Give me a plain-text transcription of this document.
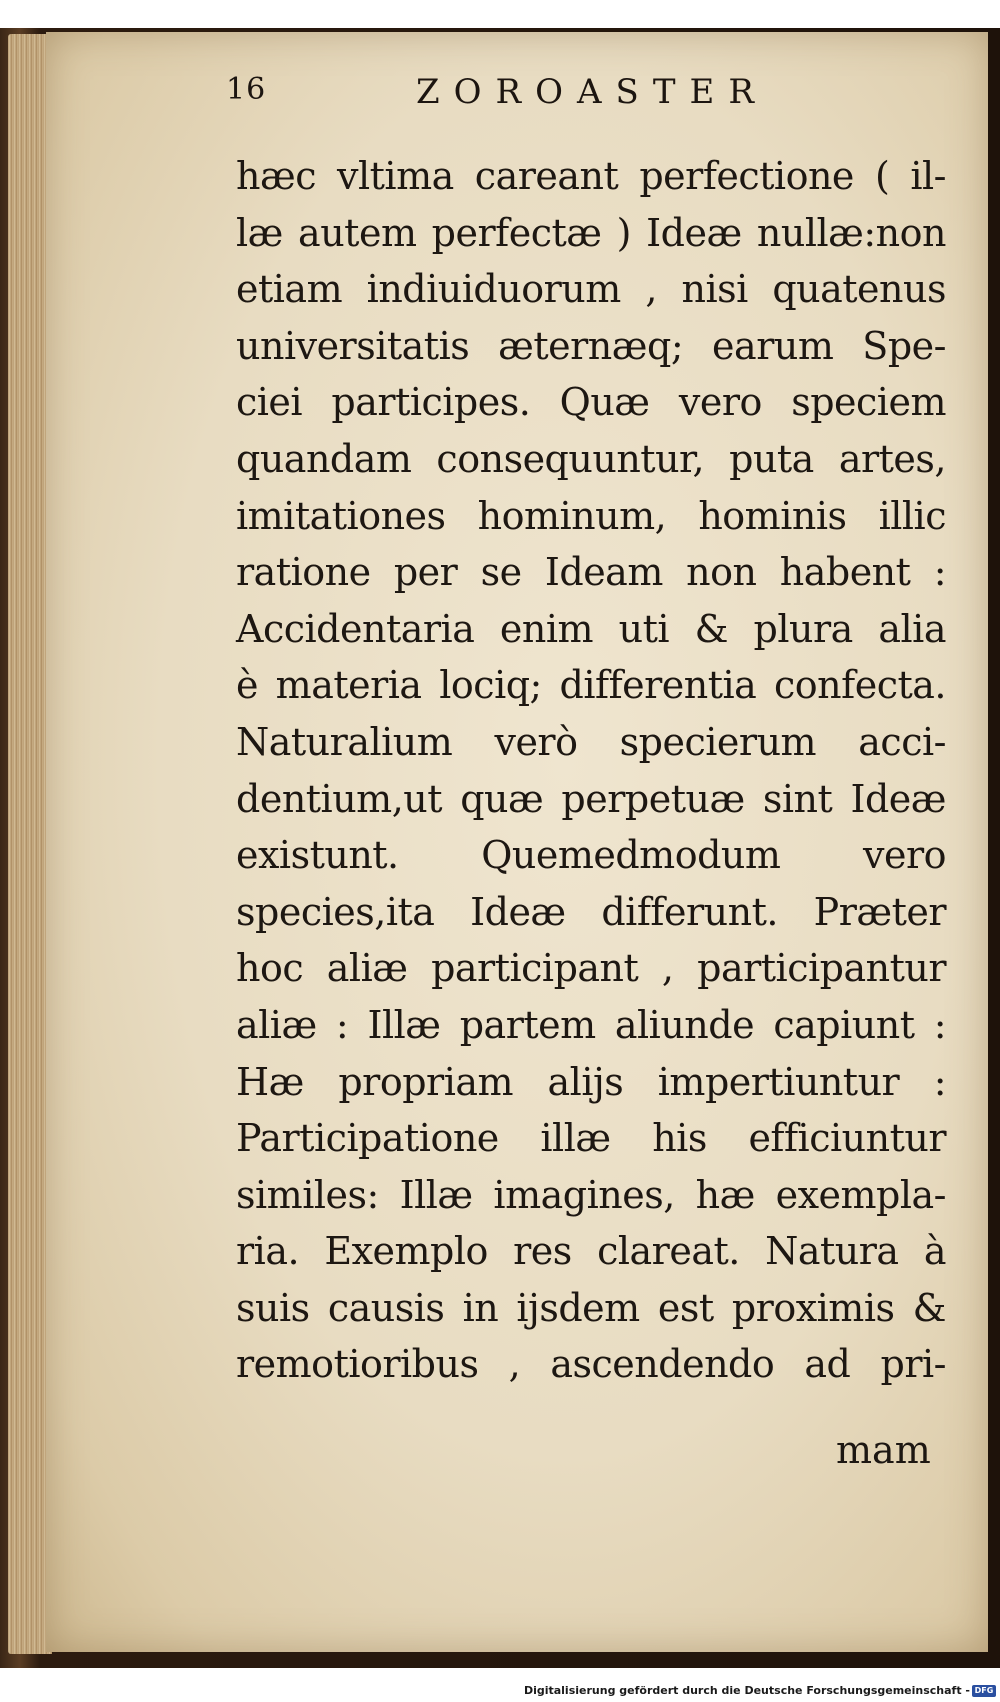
16	ZOROASTER
hæc vltima careant perfectione ( il-
læ autem perfectæ ) Ideæ nullæ:non
etiam indiuiduorum , nisi quatenus
universitatis æternæq; earum Spe-
ciei participes. Quæ vero speciem
quandam consequuntur, puta artes,
imitationes hominum, hominis illic
ratione per se Ideam non habent :
Accidentaria enim uti & plura alia
è materia lociq; differentia confecta.
Naturalium verò specierum acci-
dentium,ut quæ perpetuæ sint Ideæ
existunt. Quemedmodum vero
species,ita Ideæ differunt. Præter
hoc aliæ participant , participantur
aliæ : Illæ partem aliunde capiunt :
Hæ propriam alijs impertiuntur :
Participatione illæ his efficiuntur
similes: Illæ imagines, hæ exempla-
ria. Exemplo res clareat. Natura à
suis causis in ijsdem est proximis &
remotioribus , ascendendo ad pri-
mam
Digitalisierung gefördert durch die Deutsche Forschungsgemeinschaft - DFG
